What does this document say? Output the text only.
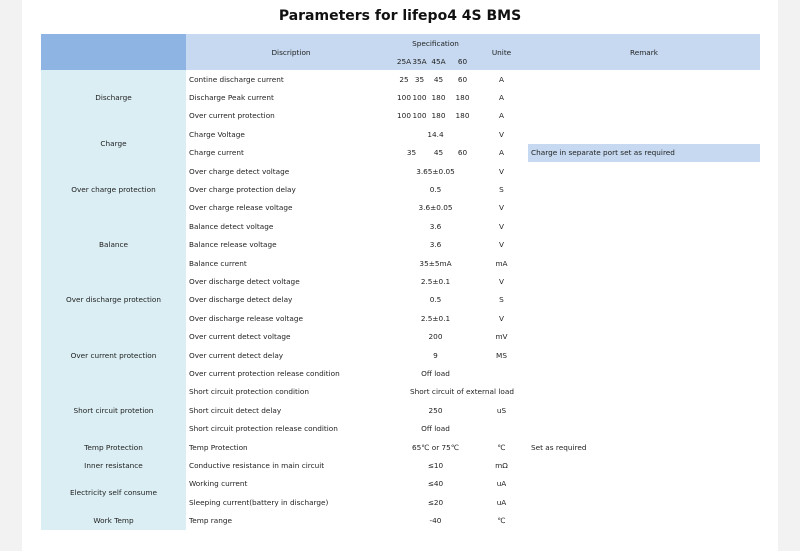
Parameters for lifepo4 4S BMS
	Discription	Specification				Unite	Remark
		25A	35A	45A	60		
Discharge	Contine discharge current	25	35	45	60	A	
	Discharge Peak current	100	100	180	180	A	
	Over current protection	100	100	180	180	A	
Charge	Charge Voltage	14.4				V	
	Charge current	35		45	60	A	Charge in separate port set as required
Over charge protection	Over charge detect voltage	3.65±0.05				V	
	Over charge protection delay	0.5				S	
	Over charge release voltage	3.6±0.05				V	
Balance	Balance detect voltage	3.6				V	
	Balance release voltage	3.6				V	
	Balance current	35±5mA				mA	
Over discharge protection	Over discharge detect voltage	2.5±0.1				V	
	Over discharge detect delay	0.5				S	
	Over discharge release voltage	2.5±0.1				V	
Over current protection	Over current detect voltage	200				mV	
	Over current detect delay	9				MS	
	Over current protection release condition	Off load					
Short circuit protetion	Short circuit protection condition	Short circuit of external load					
	Short circuit detect delay	250				uS	
	Short circuit protection release condition	Off load					
Temp Protection	Temp Protection	65℃ or 75℃				℃	Set as required
Inner resistance	Conductive resistance in main circuit	≤10				mΩ	
Electricity self consume	Working current	≤40				uA	
	Sleeping current(battery in discharge)	≤20				uA	
Work Temp	Temp range	-40				℃	
